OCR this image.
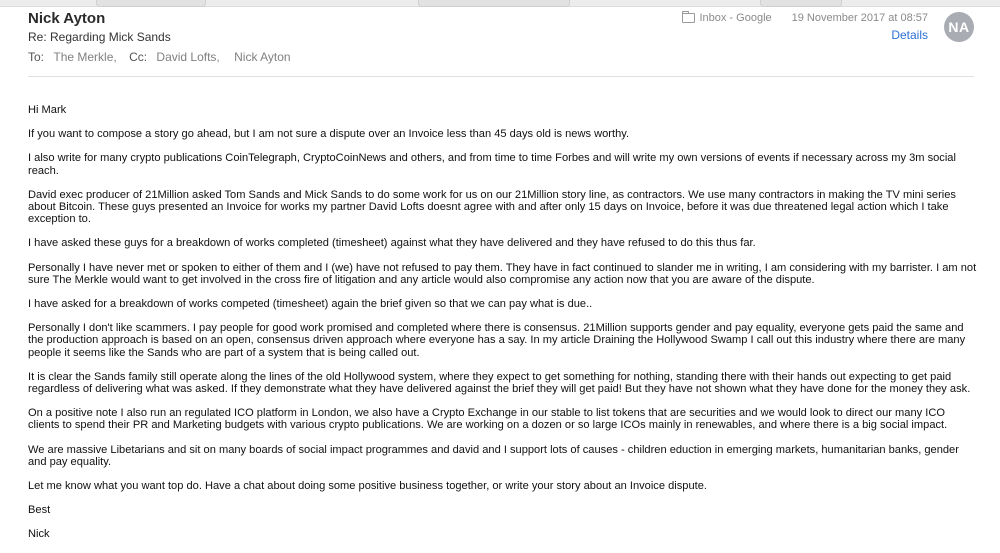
Nick Ayton
Re: Regarding Mick Sands
To: The Merkle, Cc: David Lofts, Nick Ayton
Inbox - Google 19 November 2017 at 08:57
Details	NA

Hi Mark

If you want to compose a story go ahead, but I am not sure a dispute over an Invoice less than 45 days old is news worthy.

I also write for many crypto publications CoinTelegraph, CryptoCoinNews and others, and from time to time Forbes and will write my own versions of events if necessary across my 3m social reach.

David exec producer of 21Million asked Tom Sands and Mick Sands to do some work for us on our 21Million story line, as contractors. We use many contractors in making the TV mini series about Bitcoin. These guys presented an Invoice for works my partner David Lofts doesnt agree with and after only 15 days on Invoice, before it was due threatened legal action which I take exception to.

I have asked these guys for a breakdown of works completed (timesheet) against what they have delivered and they have refused to do this thus far.

Personally I have never met or spoken to either of them and I (we) have not refused to pay them. They have in fact continued to slander me in writing, I am considering with my barrister. I am not sure The Merkle would want to get involved in the cross fire of litigation and any article would also compromise any action now that you are aware of the dispute.

I have asked for a breakdown of works competed (timesheet) again the brief given so that we can pay what is due..

Personally I don't like scammers. I pay people for good work promised and completed where there is consensus. 21Million supports gender and pay equality, everyone gets paid the same and the production approach is based on an open, consensus driven approach where everyone has a say. In my article Draining the Hollywood Swamp I call out this industry where there are many people it seems like the Sands who are part of a system that is being called out.

It is clear the Sands family still operate along the lines of the old Hollywood system, where they expect to get something for nothing, standing there with their hands out expecting to get paid regardless of delivering what was asked. If they demonstrate what they have delivered against the brief they will get paid! But they have not shown what they have done for the money they ask.

On a positive note I also run an regulated ICO platform in London, we also have a Crypto Exchange in our stable to list tokens that are securities and we would look to direct our many ICO clients to spend their PR and Marketing budgets with various crypto publications. We are working on a dozen or so large ICOs mainly in renewables, and where there is a big social impact.

We are massive Libetarians and sit on many boards of social impact programmes and david and I support lots of causes - children eduction in emerging markets, humanitarian banks, gender and pay equality.

Let me know what you want top do. Have a chat about doing some positive business together, or write your story about an Invoice dispute.

Best

Nick
